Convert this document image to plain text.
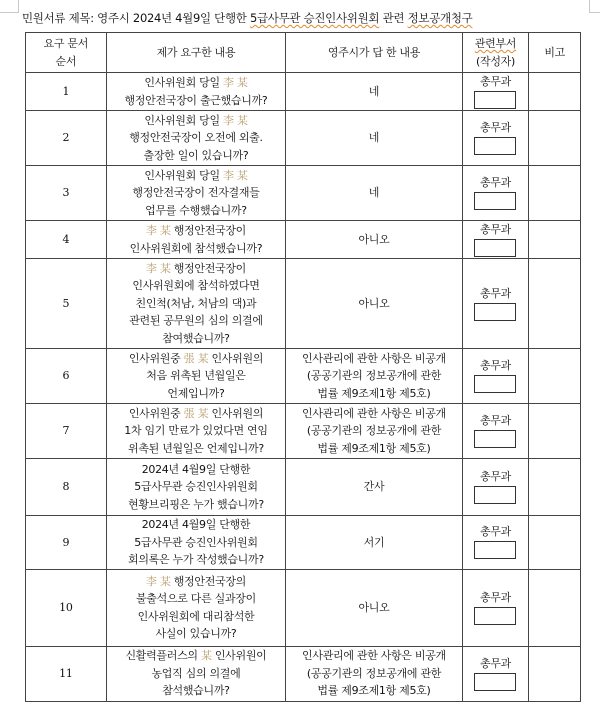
민원서류 제목: 영주시 2024년 4월9일 단행한 5급사무관 승진인사위원회 관련 정보공개청구
요구 문서
순서	제가 요구한 내용	영주시가 답 한 내용	관련부서
(작성자)	비고
1	인사위원회 당일 李 某
행정안전국장이 출근했습니까?	네	총무과	

2	인사위원회 당일 李 某
행정안전국장이 오전에 외출.
출장한 일이 있습니까?	네	총무과	

3	인사위원회 당일 李 某
행정안전국장이 전자결재들
업무를 수행했습니까?	네	총무과	

4	李 某 행정안전국장이
인사위원회에 참석했습니까?	아니오	총무과	

5	李 某 행정안전국장이
인사위원회에 참석하였다면
친인척(처남, 처남의 댁)과
관련된 공무원의 심의 의결에
참여했습니까?	아니오	총무과	

6	인사위원중 張 某 인사위원의
처음 위촉된 년월일은
언제입니까?	인사관리에 관한 사항은 비공개
(공공기관의 정보공개에 관한
법률 제9조제1항 제5호)	총무과	

7	인사위원중 張 某 인사위원의
1차 임기 만료가 있었다면 연임
위촉된 년월일은 언제입니까?	인사관리에 관한 사항은 비공개
(공공기관의 정보공개에 관한
법률 제9조제1항 제5호)	총무과	

8	2024년 4월9일 단행한
5급사무관 승진인사위원회
현황브리핑은 누가 했습니까?	간사	총무과	

9	2024년 4월9일 단행한
5급사무관 승진인사위원회
회의록은 누가 작성했습니까?	서기	총무과	

10	李 某 행정안전국장의
불출석으로 다른 실과장이
인사위원회에 대리참석한
사실이 있습니까?	아니오	총무과	

11	신활력플러스의 某 인사위원이
농업직 심의 의결에
참석했습니까?	인사관리에 관한 사항은 비공개
(공공기관의 정보공개에 관한
법률 제9조제1항 제5호)	총무과	
